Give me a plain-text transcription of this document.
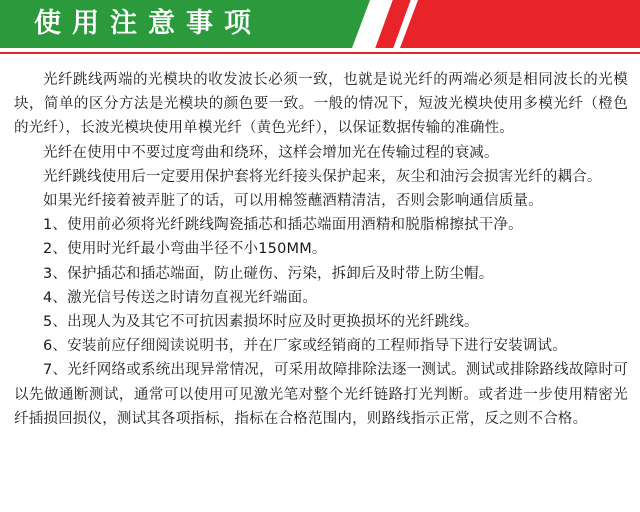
使用注意事项

光纤跳线两端的光模块的收发波长必须一致，也就是说光纤的两端必须是相同波长的光模块，简单的区分方法是光模块的颜色要一致。一般的情况下，短波光模块使用多模光纤（橙色的光纤），长波光模块使用单模光纤（黄色光纤），以保证数据传输的准确性。

光纤在使用中不要过度弯曲和绕环，这样会增加光在传输过程的衰减。

光纤跳线使用后一定要用保护套将光纤接头保护起来，灰尘和油污会损害光纤的耦合。

如果光纤接着被弄脏了的话，可以用棉签蘸酒精清洁，否则会影响通信质量。

1、使用前必须将光纤跳线陶瓷插芯和插芯端面用酒精和脱脂棉擦拭干净。

2、使用时光纤最小弯曲半径不小150MM。

3、保护插芯和插芯端面，防止碰伤、污染，拆卸后及时带上防尘帽。

4、激光信号传送之时请勿直视光纤端面。

5、出现人为及其它不可抗因素损坏时应及时更换损坏的光纤跳线。

6、安装前应仔细阅读说明书，并在厂家或经销商的工程师指导下进行安装调试。

7、光纤网络或系统出现异常情况，可采用故障排除法逐一测试。测试或排除路线故障时可以先做通断测试，通常可以使用可见激光笔对整个光纤链路打光判断。或者进一步使用精密光纤插损回损仪，测试其各项指标，指标在合格范围内，则路线指示正常，反之则不合格。
